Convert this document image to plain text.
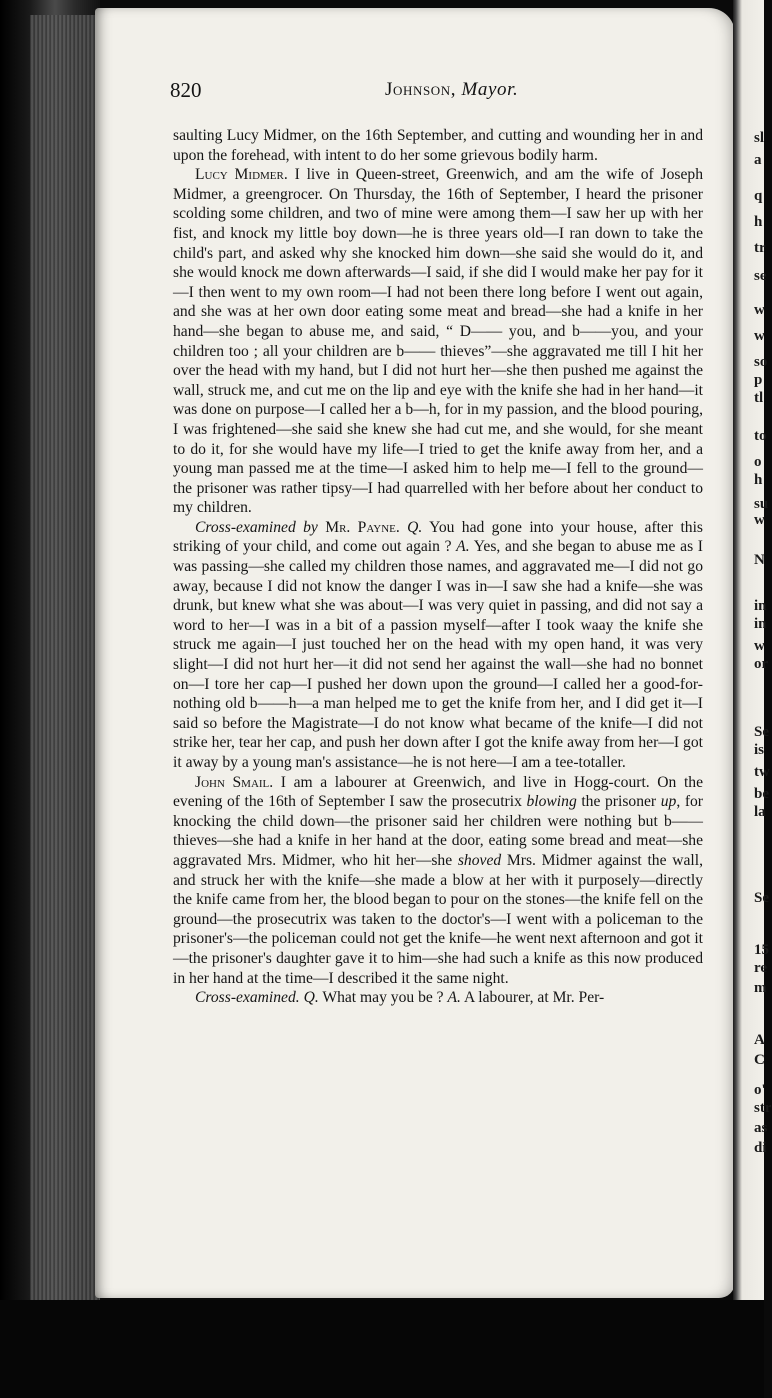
820	Johnson, Mayor.

saulting Lucy Midmer, on the 16th September, and cutting and wounding her in and upon the forehead, with intent to do her some grievous bodily harm.

Lucy Midmer. I live in Queen-street, Greenwich, and am the wife of Joseph Midmer, a greengrocer. On Thursday, the 16th of September, I heard the prisoner scolding some children, and two of mine were among them—I saw her up with her fist, and knock my little boy down—he is three years old—I ran down to take the child's part, and asked why she knocked him down—she said she would do it, and she would knock me down afterwards—I said, if she did I would make her pay for it—I then went to my own room—I had not been there long before I went out again, and she was at her own door eating some meat and bread—she had a knife in her hand—she began to abuse me, and said, “ D—— you, and b——you, and your children too ; all your children are b—— thieves”—she aggravated me till I hit her over the head with my hand, but I did not hurt her—she then pushed me against the wall, struck me, and cut me on the lip and eye with the knife she had in her hand—it was done on purpose—I called her a b—h, for in my passion, and the blood pouring, I was frightened—she said she knew she had cut me, and she would, for she meant to do it, for she would have my life—I tried to get the knife away from her, and a young man passed me at the time—I asked him to help me—I fell to the ground—the prisoner was rather tipsy—I had quarrelled with her before about her conduct to my children.

Cross-examined by Mr. Payne. Q. You had gone into your house, after this striking of your child, and come out again ? A. Yes, and she began to abuse me as I was passing—she called my children those names, and aggravated me—I did not go away, because I did not know the danger I was in—I saw she had a knife—she was drunk, but knew what she was about—I was very quiet in passing, and did not say a word to her—I was in a bit of a passion myself—after I took waay the knife she struck me again—I just touched her on the head with my open hand, it was very slight—I did not hurt her—it did not send her against the wall—she had no bonnet on—I tore her cap—I pushed her down upon the ground—I called her a good-for-nothing old b——h—a man helped me to get the knife from her, and I did get it—I said so before the Magistrate—I do not know what became of the knife—I did not strike her, tear her cap, and push her down after I got the knife away from her—I got it away by a young man's assistance—he is not here—I am a tee-totaller.

John Smail. I am a labourer at Greenwich, and live in Hogg-court. On the evening of the 16th of September I saw the prosecutrix blowing the prisoner up, for knocking the child down—the prisoner said her children were nothing but b—— thieves—she had a knife in her hand at the door, eating some bread and meat—she aggravated Mrs. Midmer, who hit her—she shoved Mrs. Midmer against the wall, and struck her with the knife—she made a blow at her with it purposely—directly the knife came from her, the blood began to pour on the stones—the knife fell on the ground—the prosecutrix was taken to the doctor's—I went with a policeman to the prisoner's—the policeman could not get the knife—he went next afternoon and got it—the prisoner's daughter gave it to him—she had such a knife as this now produced in her hand at the time—I described it the same night.

Cross-examined. Q. What may you be ? A. A labourer, at Mr. Per-

sl
a
q
h
tr
se
w
w
so
p
tl
to
o
h
su
w
N
in
in
w
or
Se
is
tw
be
la
Se
15
re
m
A
C
o'
str
as
di
